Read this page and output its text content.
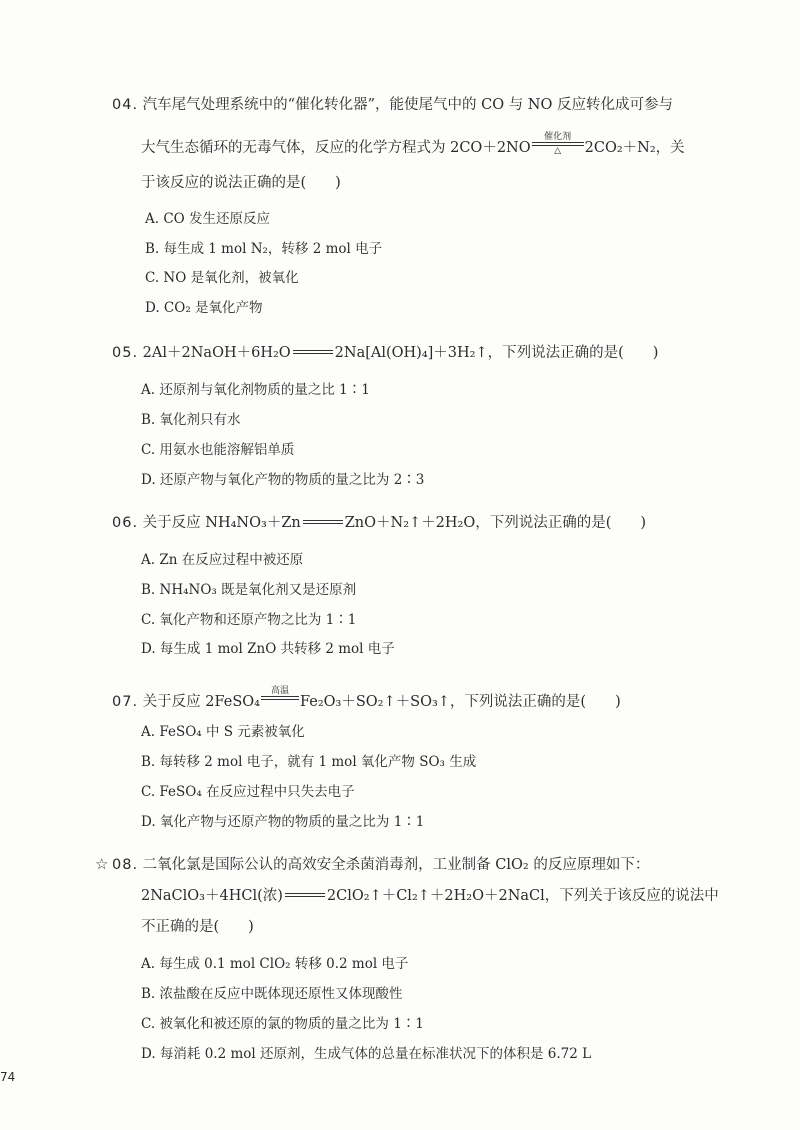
04. 汽车尾气处理系统中的“催化转化器”，能使尾气中的 CO 与 NO 反应转化成可参与
大气生态循环的无毒气体，反应的化学方程式为 2CO＋2NO
催化剂
△ 2CO₂＋N₂，关
于该反应的说法正确的是(　　)
A. CO 发生还原反应
B. 每生成 1 mol N₂，转移 2 mol 电子
C. NO 是氧化剂，被氧化
D. CO₂ 是氧化产物
05. 2Al＋2NaOH＋6H₂O	2Na[Al(OH)₄]＋3H₂↑，下列说法正确的是(　　)
A. 还原剂与氧化剂物质的量之比 1∶1
B. 氧化剂只有水
C. 用氨水也能溶解铝单质
D. 还原产物与氧化产物的物质的量之比为 2∶3
06. 关于反应 NH₄NO₃＋Zn	ZnO＋N₂↑＋2H₂O，下列说法正确的是(　　)
A. Zn 在反应过程中被还原
B. NH₄NO₃ 既是氧化剂又是还原剂
C. 氧化产物和还原产物之比为 1∶1
D. 每生成 1 mol ZnO 共转移 2 mol 电子
07. 关于反应 2FeSO₄
高温

Fe₂O₃＋SO₂↑＋SO₃↑，下列说法正确的是(　　)
A. FeSO₄ 中 S 元素被氧化
B. 每转移 2 mol 电子，就有 1 mol 氧化产物 SO₃ 生成
C. FeSO₄ 在反应过程中只失去电子
D. 氧化产物与还原产物的物质的量之比为 1∶1
☆ 08. 二氧化氯是国际公认的高效安全杀菌消毒剂，工业制备 ClO₂ 的反应原理如下：
2NaClO₃＋4HCl(浓)	2ClO₂↑＋Cl₂↑＋2H₂O＋2NaCl，下列关于该反应的说法中
不正确的是(　　)
A. 每生成 0.1 mol ClO₂ 转移 0.2 mol 电子
B. 浓盐酸在反应中既体现还原性又体现酸性
C. 被氧化和被还原的氯的物质的量之比为 1∶1
D. 每消耗 0.2 mol 还原剂，生成气体的总量在标准状况下的体积是 6.72 L
74
